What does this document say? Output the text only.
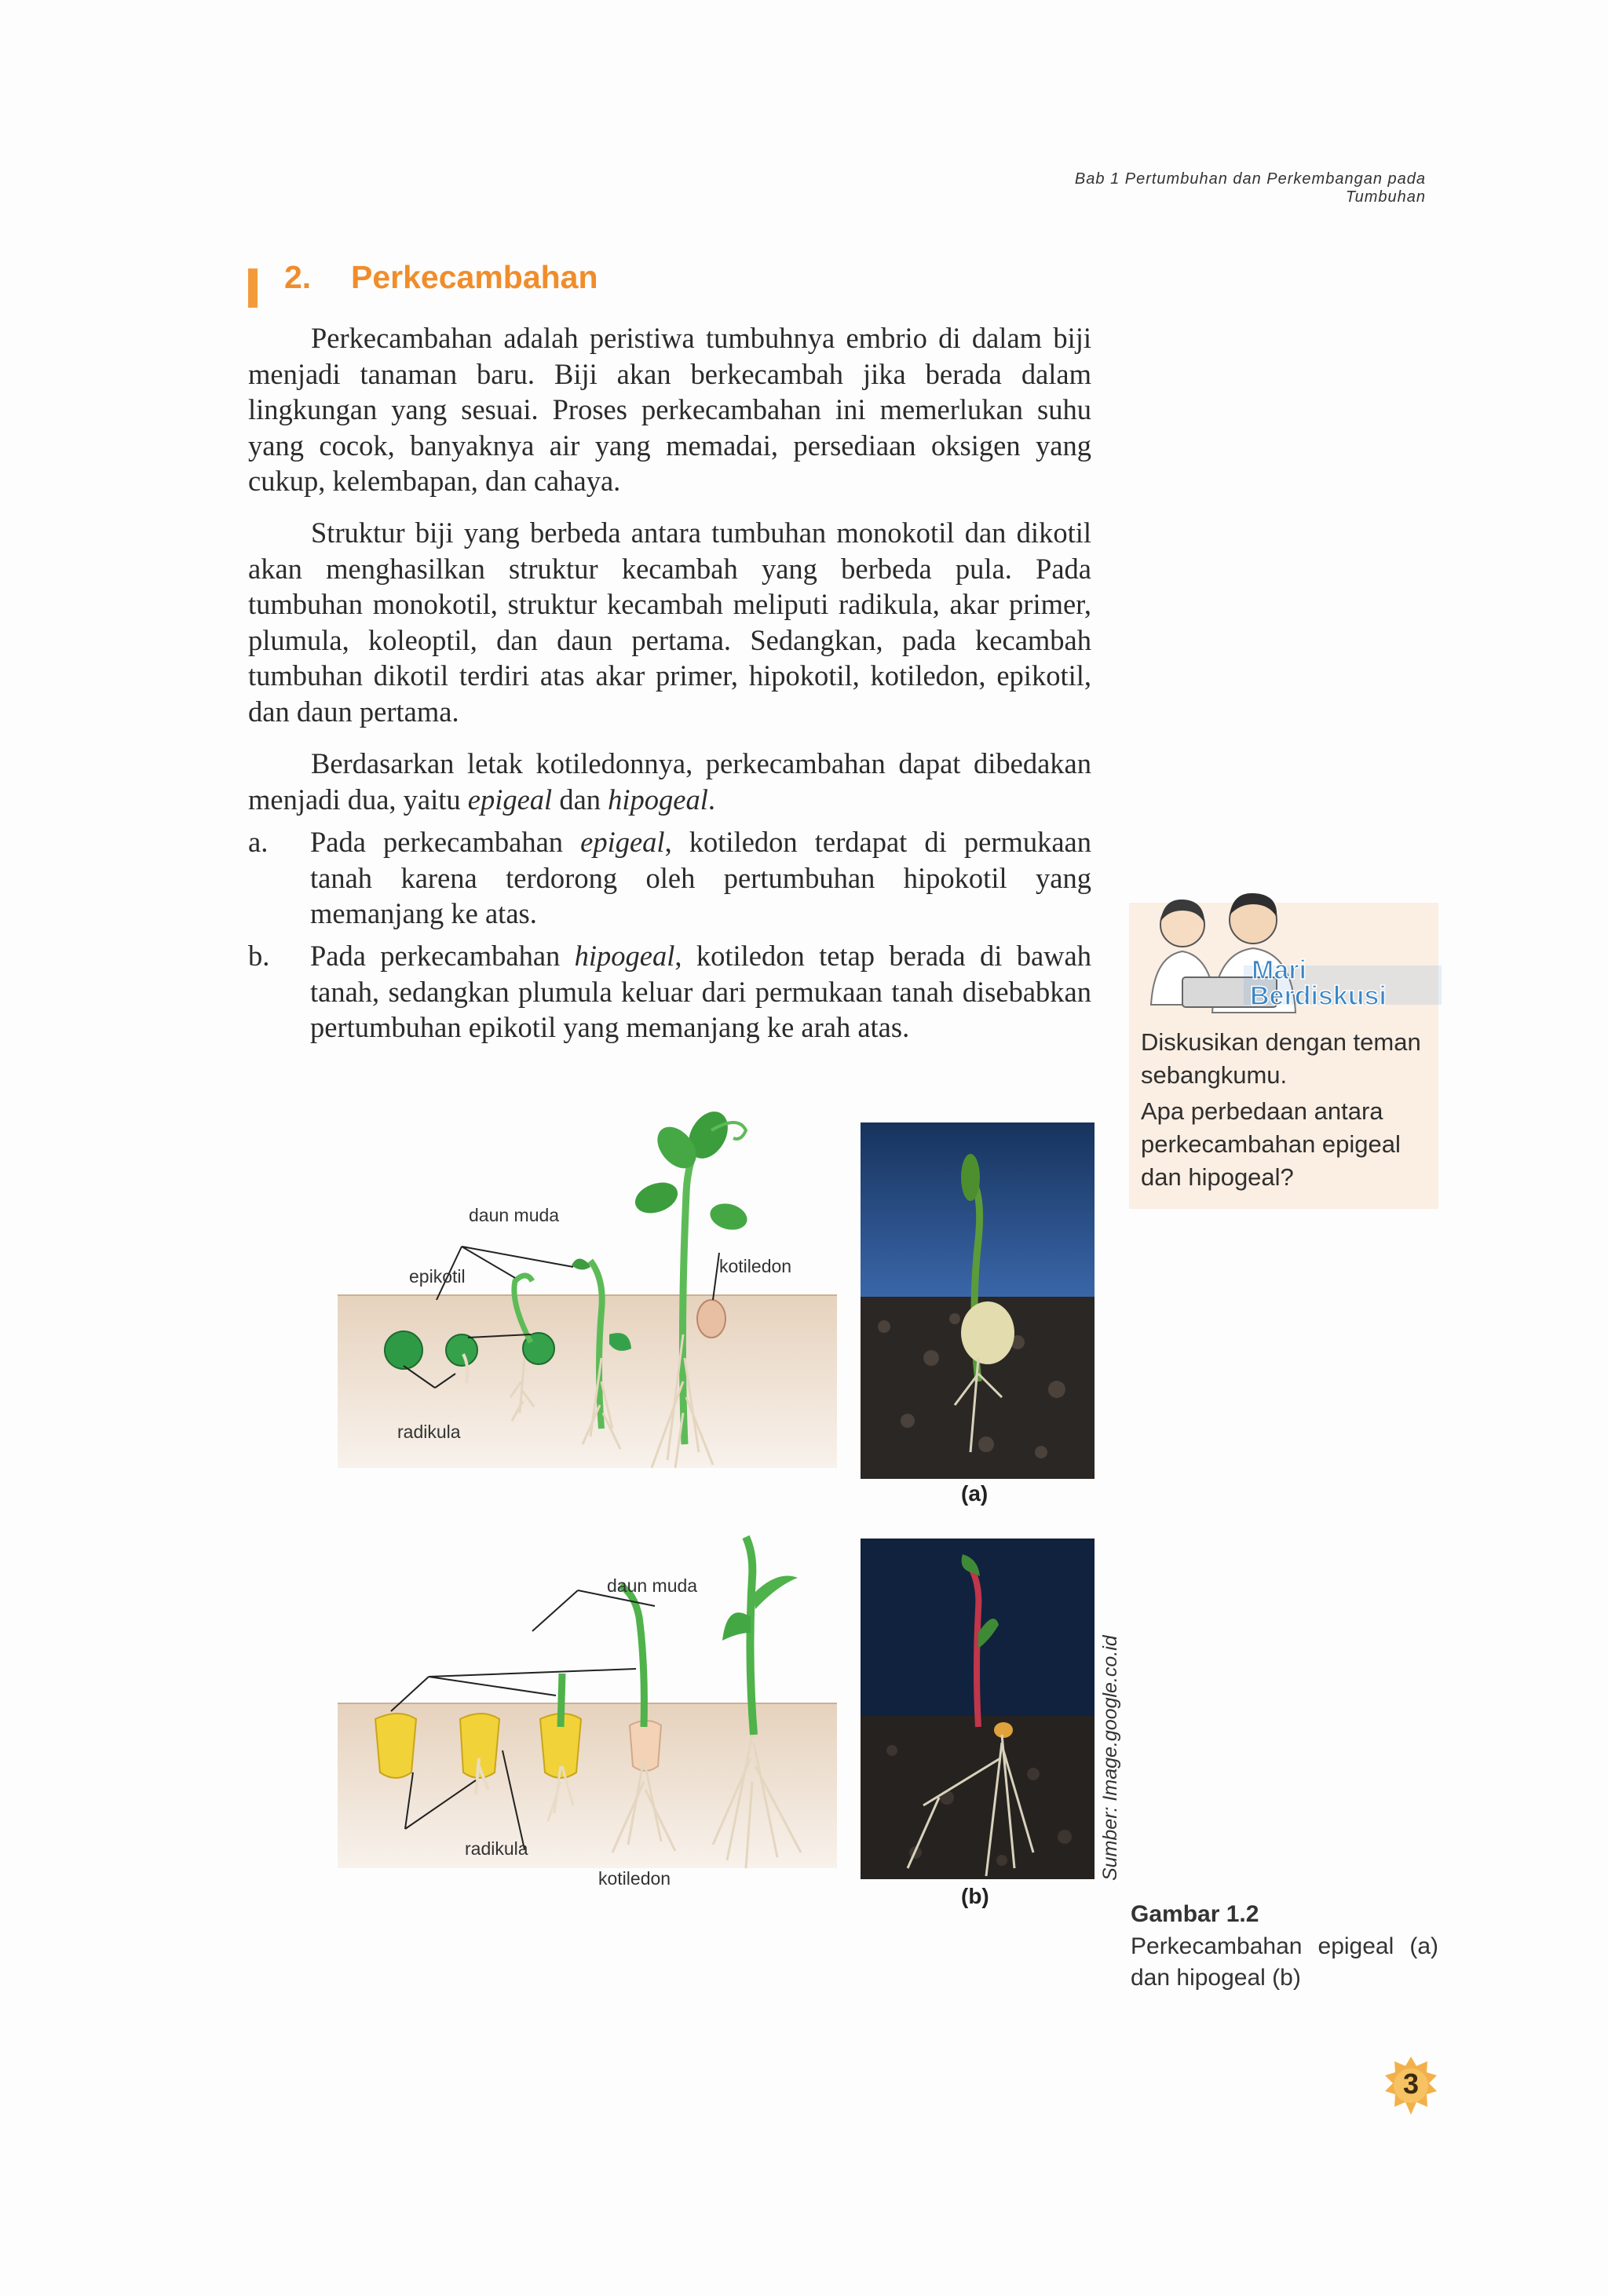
Bab 1 Pertumbuhan dan Perkembangan pada Tumbuhan
2. Perkecambahan

Perkecambahan adalah peristiwa tumbuhnya embrio di dalam biji menjadi tanaman baru. Biji akan berkecambah jika berada dalam lingkungan yang sesuai. Proses perkecambahan ini memerlukan suhu yang cocok, banyaknya air yang memadai, persediaan oksigen yang cukup, kelembapan, dan cahaya.

Struktur biji yang berbeda antara tumbuhan monokotil dan dikotil akan menghasilkan struktur kecambah yang berbeda pula. Pada tumbuhan monokotil, struktur kecambah meliputi radikula, akar primer, plumula, koleoptil, dan daun pertama. Sedangkan, pada kecambah tumbuhan dikotil terdiri atas akar primer, hipokotil, kotiledon, epikotil, dan daun pertama.

Berdasarkan letak kotiledonnya, perkecambahan dapat dibedakan menjadi dua, yaitu epigeal dan hipogeal.

a. Pada perkecambahan epigeal, kotiledon terdapat di permukaan tanah karena terdorong oleh pertumbuhan hipokotil yang memanjang ke atas.
b. Pada perkecambahan hipogeal, kotiledon tetap berada di bawah tanah, sedangkan plumula keluar dari permukaan tanah disebabkan pertumbuhan epikotil yang memanjang ke arah atas.
Mari
Berdiskusi

Diskusikan dengan teman sebangkumu.

Apa perbedaan antara perkecambahan epigeal dan hipogeal?

daun muda
epikotil	kotiledon
radikula
(a)
daun muda
radikula
kotiledon
(b)
Sumber: Image.google.co.id
Gambar 1.2
Perkecambahan epigeal (a) dan hipogeal (b)
3
